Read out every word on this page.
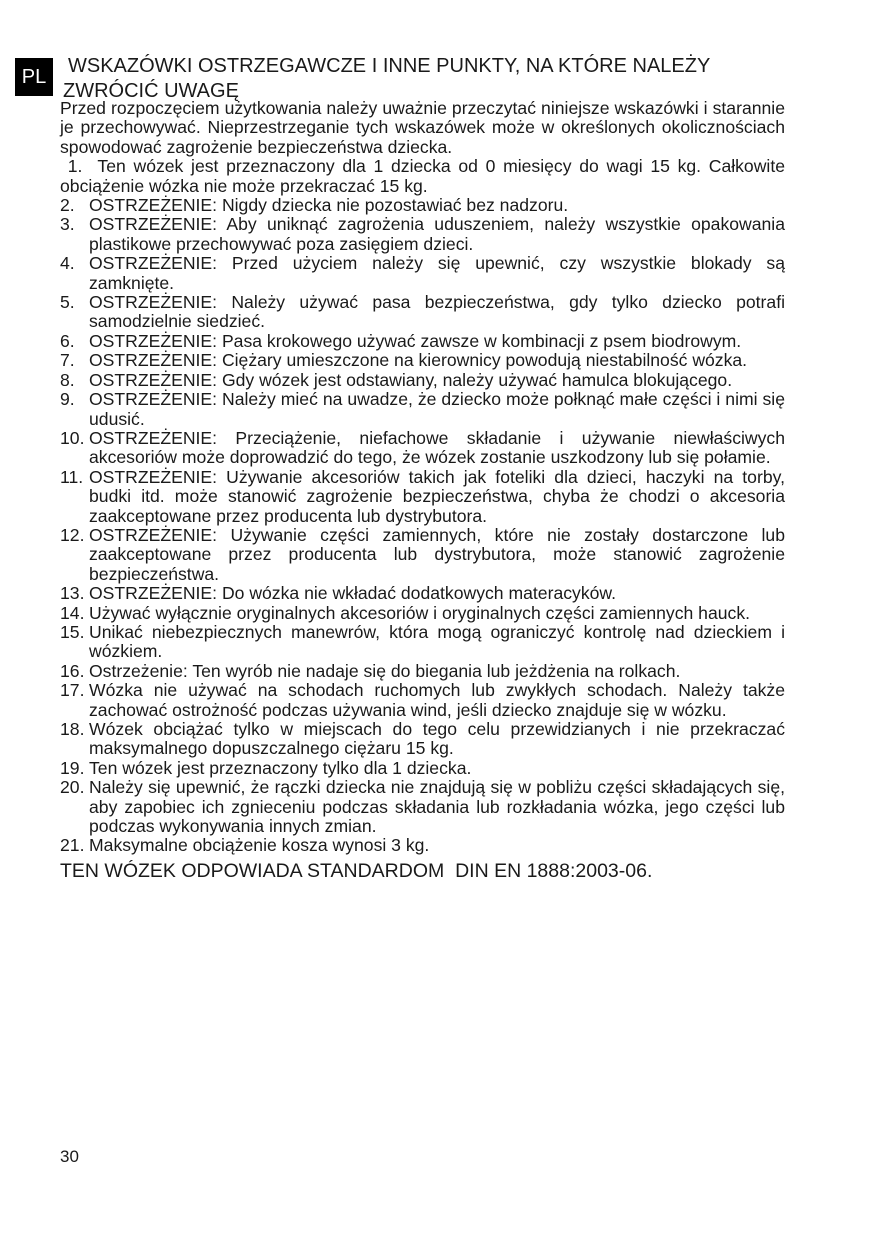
PL	WSKAZÓWKI OSTRZEGAWCZE I INNE PUNKTY, NA KTÓRE NALEŻY
ZWRÓCIĆ UWAGĘ

Przed rozpoczęciem użytkowania należy uważnie przeczytać niniejsze wskazówki i starannie je przechowywać. Nieprzestrzeganie tych wskazówek może w określonych okolicznościach spowodować zagrożenie bezpieczeństwa dziecka.

1.  Ten wózek jest przeznaczony dla 1 dziecka od 0 miesięcy do wagi 15 kg. Całkowite obciążenie wózka nie może przekraczać 15 kg.

2. OSTRZEŻENIE: Nigdy dziecka nie pozostawiać bez nadzoru.
3. OSTRZEŻENIE: Aby uniknąć zagrożenia uduszeniem, należy wszystkie opakowania plastikowe przechowywać poza zasięgiem dzieci.
4. OSTRZEŻENIE: Przed użyciem należy się upewnić, czy wszystkie blokady są zamknięte.
5. OSTRZEŻENIE: Należy używać pasa bezpieczeństwa, gdy tylko dziecko potrafi samodzielnie siedzieć.
6. OSTRZEŻENIE: Pasa krokowego używać zawsze w kombinacji z psem biodrowym.
7. OSTRZEŻENIE: Ciężary umieszczone na kierownicy powodują niestabilność wózka.
8. OSTRZEŻENIE: Gdy wózek jest odstawiany, należy używać hamulca blokującego.
9. OSTRZEŻENIE: Należy mieć na uwadze, że dziecko może połknąć małe części i nimi się udusić.
10. OSTRZEŻENIE: Przeciążenie, niefachowe składanie i używanie niewłaściwych akcesoriów może doprowadzić do tego, że wózek zostanie uszkodzony lub się połamie.
11. OSTRZEŻENIE: Używanie akcesoriów takich jak foteliki dla dzieci, haczyki na torby, budki itd. może stanowić zagrożenie bezpieczeństwa, chyba że chodzi o akcesoria zaakceptowane przez producenta lub dystrybutora.
12. OSTRZEŻENIE: Używanie części zamiennych, które nie zostały dostarczone lub zaakceptowane przez producenta lub dystrybutora, może stanowić zagrożenie bezpieczeństwa.
13. OSTRZEŻENIE: Do wózka nie wkładać dodatkowych materacyków.
14. Używać wyłącznie oryginalnych akcesoriów i oryginalnych części zamiennych hauck.
15. Unikać niebezpiecznych manewrów, która mogą ograniczyć kontrolę nad dzieckiem i wózkiem.
16. Ostrzeżenie: Ten wyrób nie nadaje się do biegania lub jeżdżenia na rolkach.
17. Wózka nie używać na schodach ruchomych lub zwykłych schodach. Należy także zachować ostrożność podczas używania wind, jeśli dziecko znajduje się w wózku.
18. Wózek obciążać tylko w miejscach do tego celu przewidzianych i nie przekraczać maksymalnego dopuszczalnego ciężaru 15 kg.
19. Ten wózek jest przeznaczony tylko dla 1 dziecka.
20. Należy się upewnić, że rączki dziecka nie znajdują się w pobliżu części składających się, aby zapobiec ich zgnieceniu podczas składania lub rozkładania wózka, jego części lub podczas wykonywania innych zmian.
21. Maksymalne obciążenie kosza wynosi 3 kg.
TEN WÓZEK ODPOWIADA STANDARDOM  DIN EN 1888:2003-06.
30
